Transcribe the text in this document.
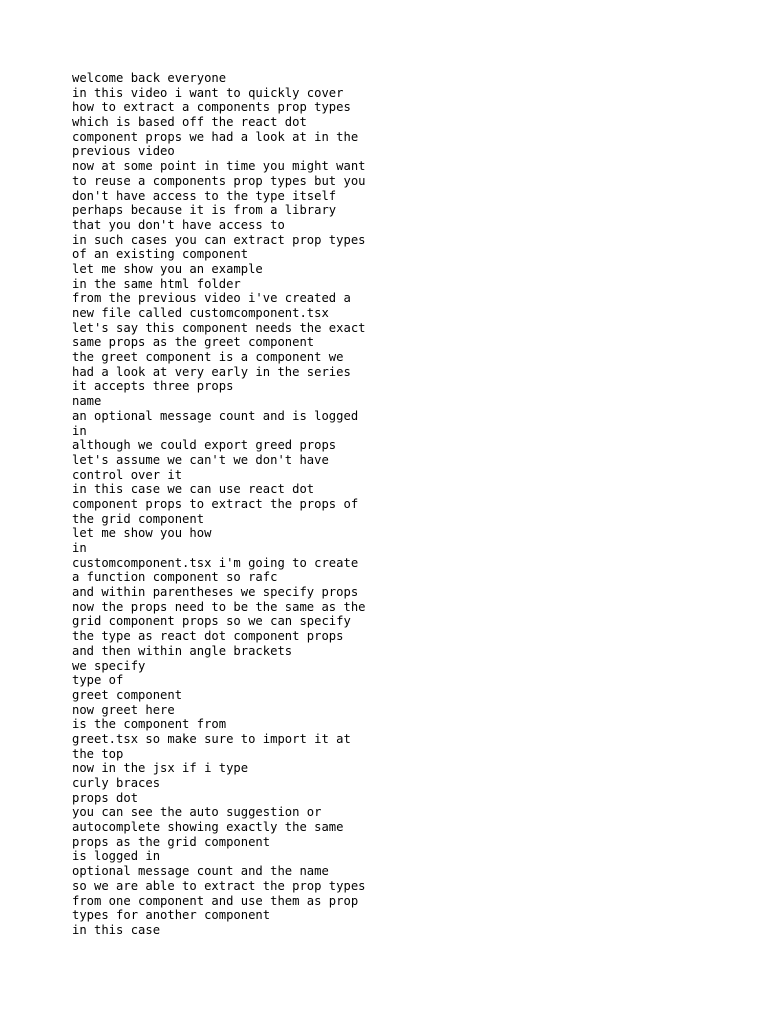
welcome back everyone
in this video i want to quickly cover
how to extract a components prop types
which is based off the react dot
component props we had a look at in the
previous video
now at some point in time you might want
to reuse a components prop types but you
don't have access to the type itself
perhaps because it is from a library
that you don't have access to
in such cases you can extract prop types
of an existing component
let me show you an example
in the same html folder
from the previous video i've created a
new file called customcomponent.tsx
let's say this component needs the exact
same props as the greet component
the greet component is a component we
had a look at very early in the series
it accepts three props
name
an optional message count and is logged
in
although we could export greed props
let's assume we can't we don't have
control over it
in this case we can use react dot
component props to extract the props of
the grid component
let me show you how
in
customcomponent.tsx i'm going to create
a function component so rafc
and within parentheses we specify props
now the props need to be the same as the
grid component props so we can specify
the type as react dot component props
and then within angle brackets
we specify
type of
greet component
now greet here
is the component from
greet.tsx so make sure to import it at
the top
now in the jsx if i type
curly braces
props dot
you can see the auto suggestion or
autocomplete showing exactly the same
props as the grid component
is logged in
optional message count and the name
so we are able to extract the prop types
from one component and use them as prop
types for another component
in this case
